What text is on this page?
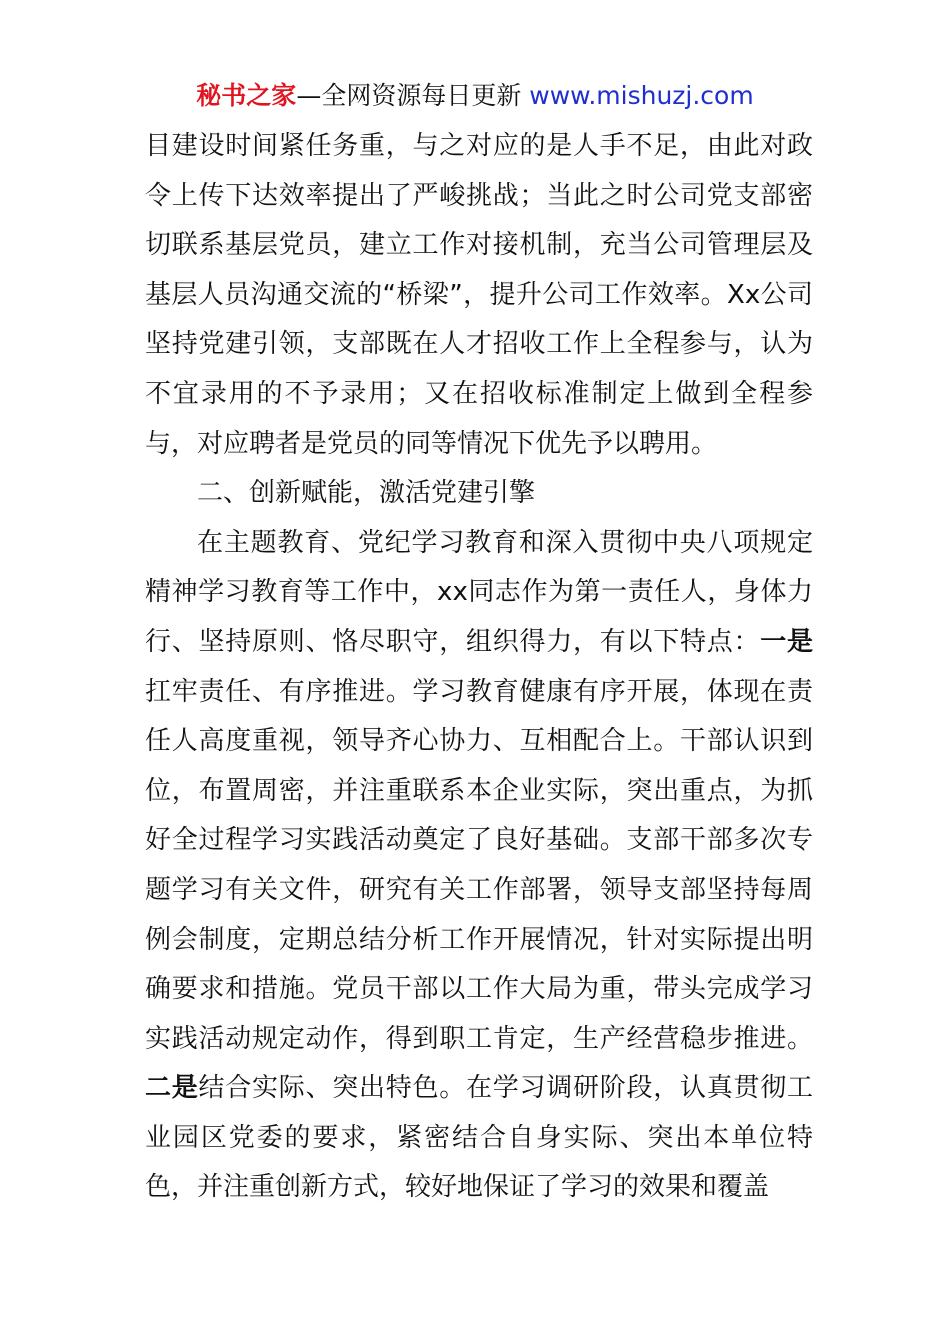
秘书之家—全网资源每日更新 www.mishuzj.com

目建设时间紧任务重，与之对应的是人手不足，由此对政令上传下达效率提出了严峻挑战；当此之时公司党支部密切联系基层党员，建立工作对接机制，充当公司管理层及基层人员沟通交流的“桥梁”，提升公司工作效率。Xx公司坚持党建引领，支部既在人才招收工作上全程参与，认为不宜录用的不予录用；又在招收标准制定上做到全程参与，对应聘者是党员的同等情况下优先予以聘用。

二、创新赋能，激活党建引擎

在主题教育、党纪学习教育和深入贯彻中央八项规定精神学习教育等工作中，xx同志作为第一责任人，身体力行、坚持原则、恪尽职守，组织得力，有以下特点：一是扛牢责任、有序推进。学习教育健康有序开展，体现在责任人高度重视，领导齐心协力、互相配合上。干部认识到位，布置周密，并注重联系本企业实际，突出重点，为抓好全过程学习实践活动奠定了良好基础。支部干部多次专题学习有关文件，研究有关工作部署，领导支部坚持每周例会制度，定期总结分析工作开展情况，针对实际提出明确要求和措施。党员干部以工作大局为重，带头完成学习实践活动规定动作，得到职工肯定，生产经营稳步推进。二是结合实际、突出特色。在学习调研阶段，认真贯彻工业园区党委的要求，紧密结合自身实际、突出本单位特色，并注重创新方式，较好地保证了学习的效果和覆盖
